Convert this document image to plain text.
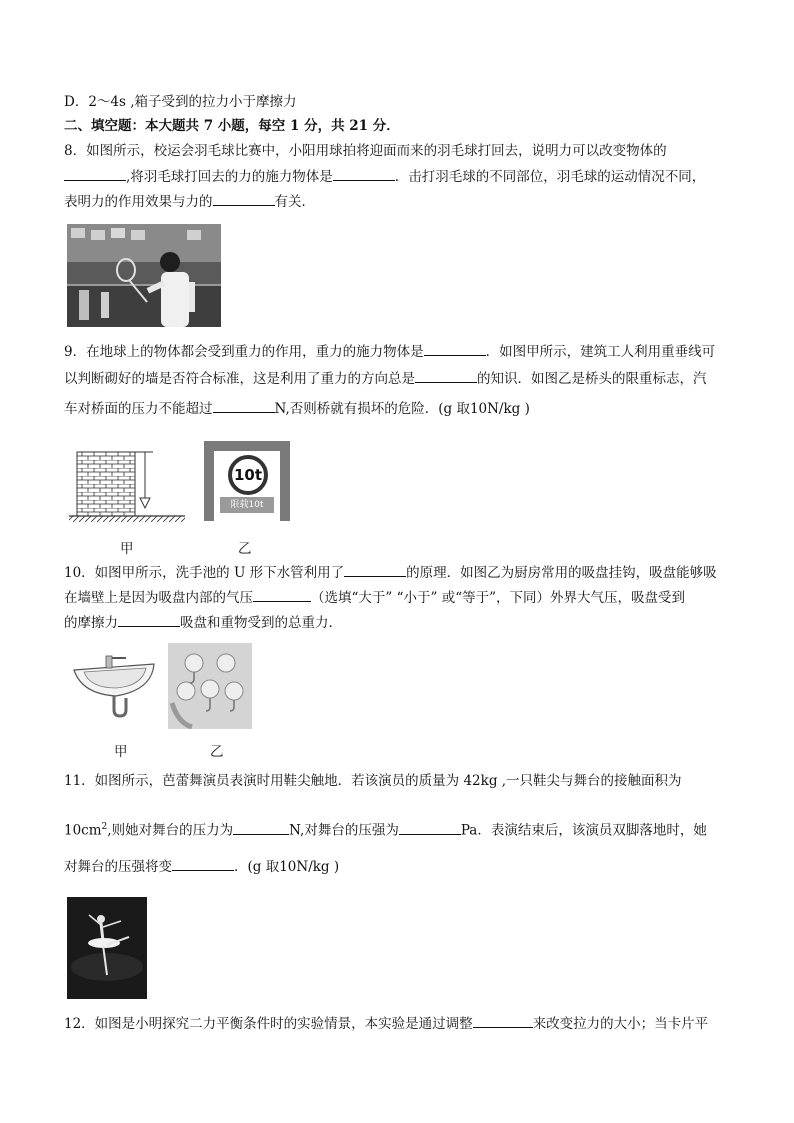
D．2～4s ,箱子受到的拉力小于摩擦力
二、填空题：本大题共 7 小题，每空 1 分，共 21 分．
8．如图所示，校运会羽毛球比赛中，小阳用球拍将迎面而来的羽毛球打回去，说明力可以改变物体的
,将羽毛球打回去的力的施力物体是	．击打羽毛球的不同部位，羽毛球的运动情况不同，
表明力的作用效果与力的	有关．
9．在地球上的物体都会受到重力的作用，重力的施力物体是	．如图甲所示，建筑工人利用重垂线可
以判断砌好的墙是否符合标准，这是利用了重力的方向总是	的知识．如图乙是桥头的限重标志，汽
车对桥面的压力不能超过	N,否则桥就有损坏的危险．(g 取10N/kg )
10t
限载10t
甲	乙
10．如图甲所示，洗手池的 U 形下水管利用了	的原理．如图乙为厨房常用的吸盘挂钩，吸盘能够吸
在墙壁上是因为吸盘内部的气压	（选填“大于” “小于” 或“等于”，下同）外界大气压，吸盘受到
的摩擦力	吸盘和重物受到的总重力．
甲	乙
11．如图所示，芭蕾舞演员表演时用鞋尖触地．若该演员的质量为 42kg ,一只鞋尖与舞台的接触面积为
$10cm^2$,则她对舞台的压力为	N,对舞台的压强为	Pa．表演结束后，该演员双脚落地时，她
对舞台的压强将变	．(g 取10N/kg )
12．如图是小明探究二力平衡条件时的实验情景，本实验是通过调整	来改变拉力的大小；当卡片平
